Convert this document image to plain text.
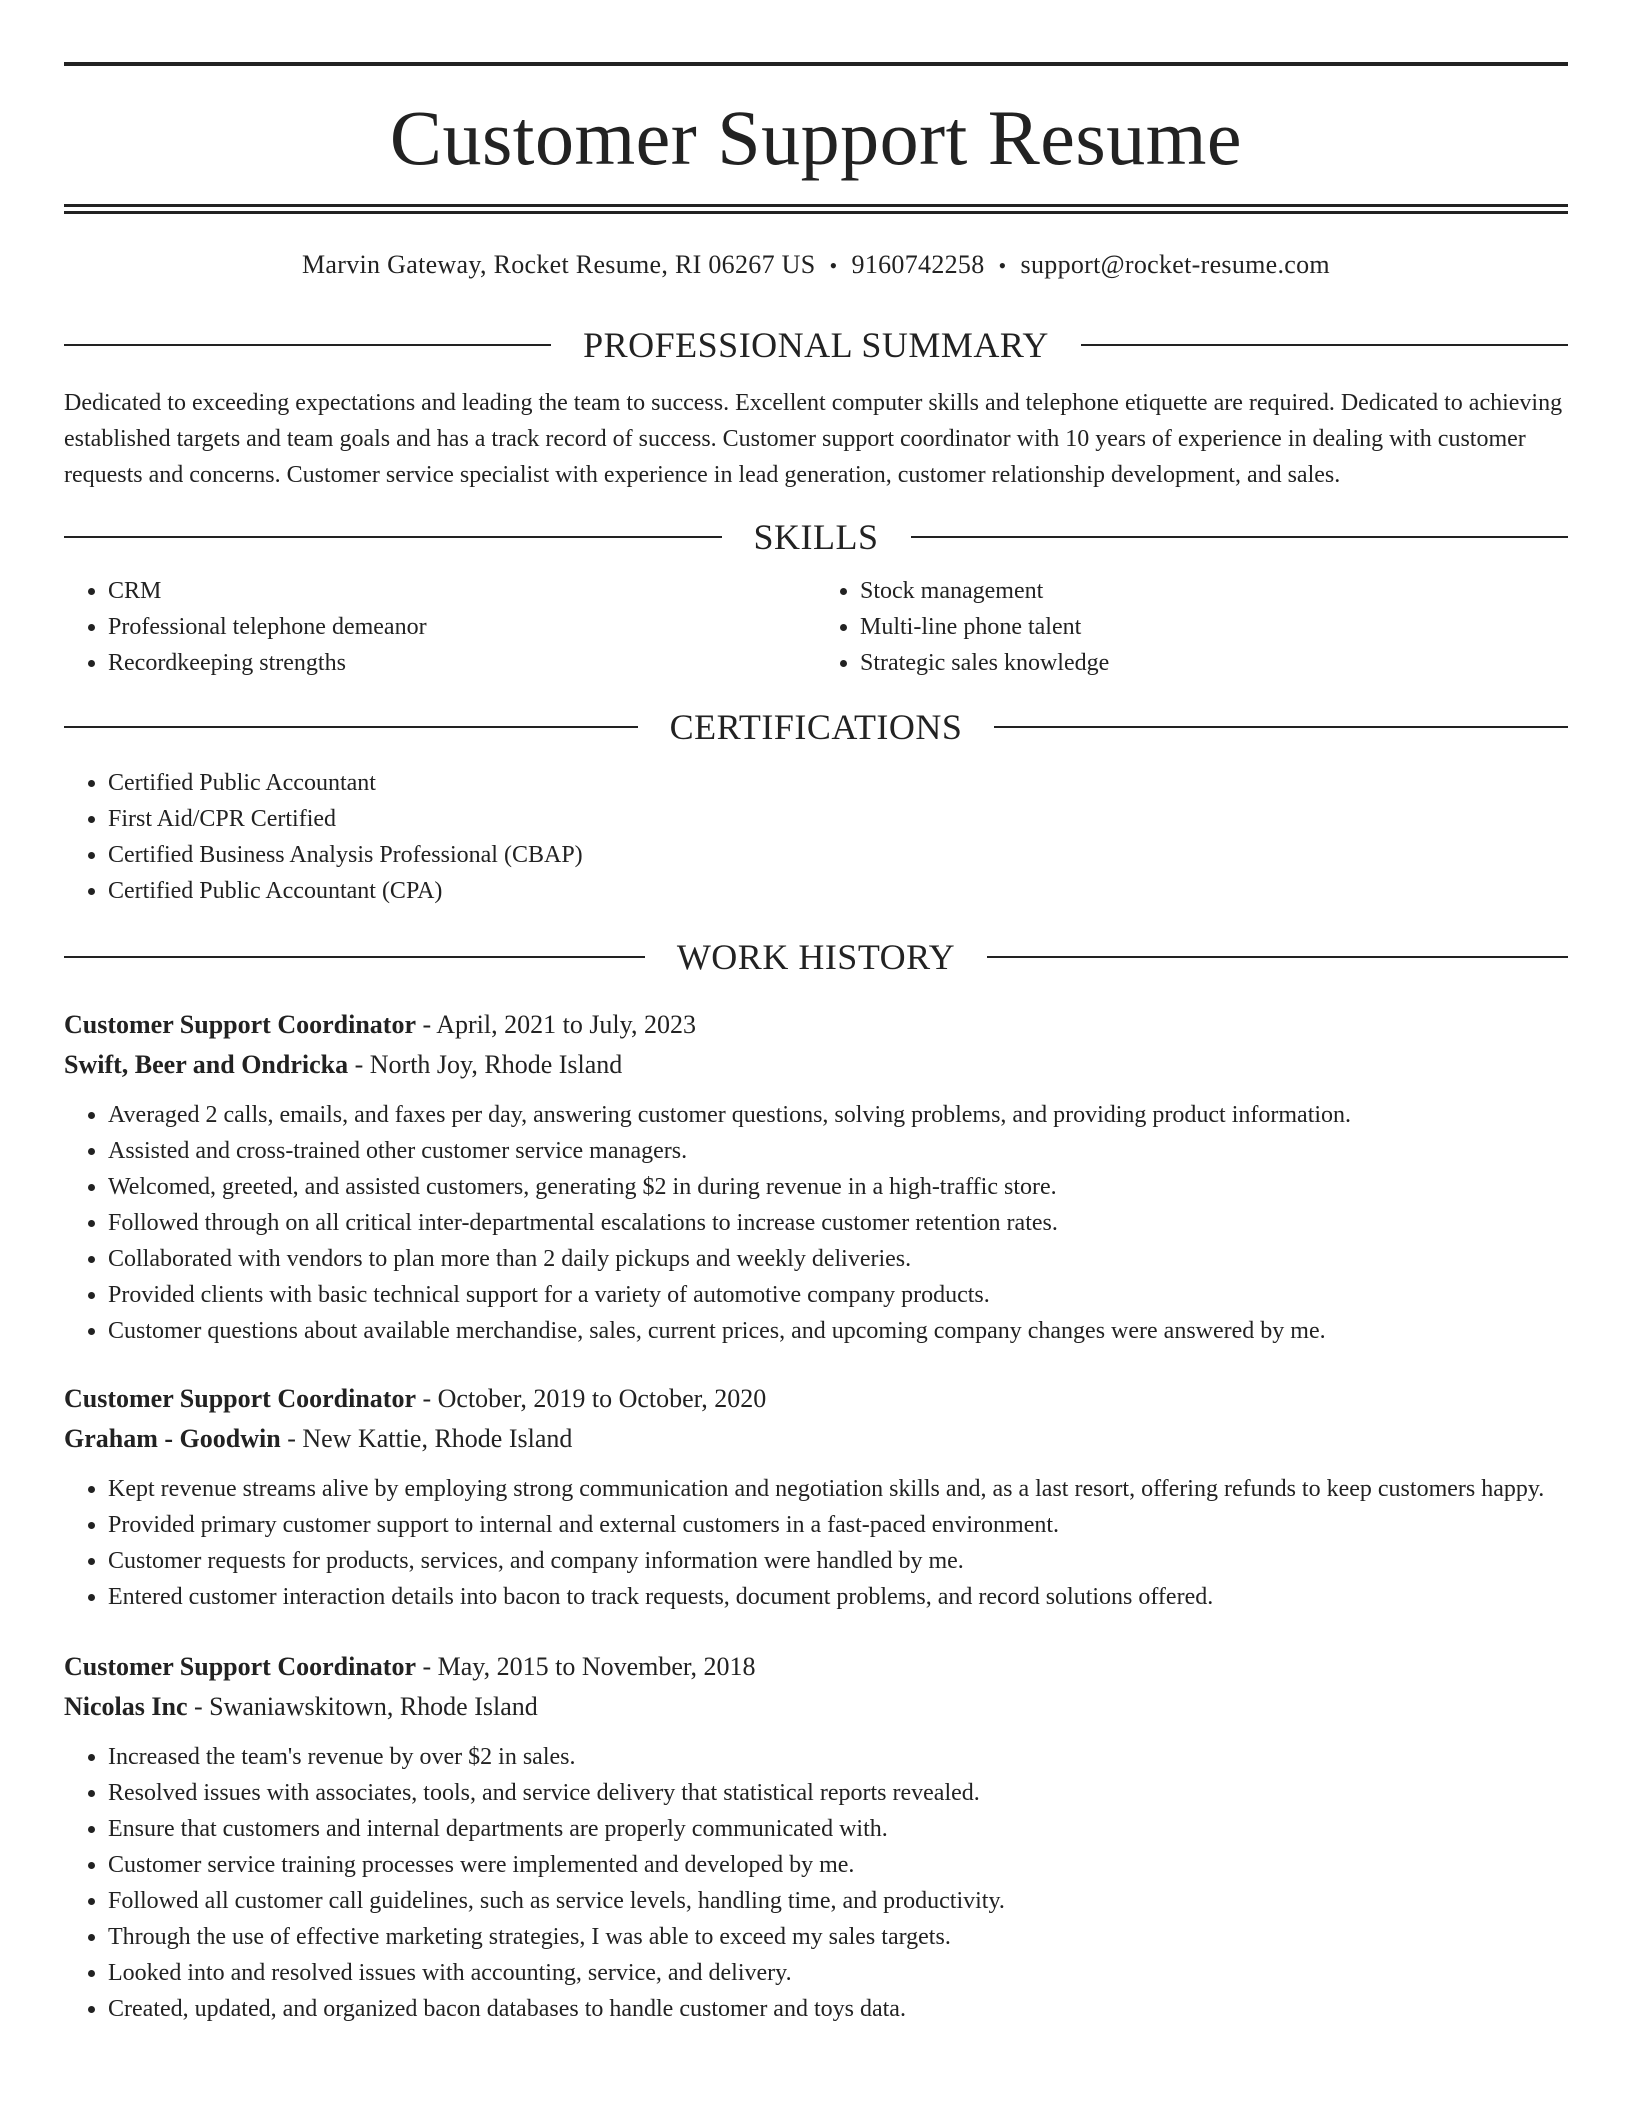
Customer Support Resume
Marvin Gateway, Rocket Resume, RI 06267 US • 9160742258 • support@rocket-resume.com
PROFESSIONAL SUMMARY

Dedicated to exceeding expectations and leading the team to success. Excellent computer skills and telephone etiquette are required. Dedicated to achieving established targets and team goals and has a track record of success. Customer support coordinator with 10 years of experience in dealing with customer requests and concerns. Customer service specialist with experience in lead generation, customer relationship development, and sales.

SKILLS
• CRM
• Professional telephone demeanor
• Recordkeeping strengths
• Stock management
• Multi-line phone talent
• Strategic sales knowledge
CERTIFICATIONS
• Certified Public Accountant
• First Aid/CPR Certified
• Certified Business Analysis Professional (CBAP)
• Certified Public Accountant (CPA)
WORK HISTORY
Customer Support Coordinator - April, 2021 to July, 2023
Swift, Beer and Ondricka - North Joy, Rhode Island
• Averaged 2 calls, emails, and faxes per day, answering customer questions, solving problems, and providing product information.
• Assisted and cross-trained other customer service managers.
• Welcomed, greeted, and assisted customers, generating $2 in during revenue in a high-traffic store.
• Followed through on all critical inter-departmental escalations to increase customer retention rates.
• Collaborated with vendors to plan more than 2 daily pickups and weekly deliveries.
• Provided clients with basic technical support for a variety of automotive company products.
• Customer questions about available merchandise, sales, current prices, and upcoming company changes were answered by me.
Customer Support Coordinator - October, 2019 to October, 2020
Graham - Goodwin - New Kattie, Rhode Island
• Kept revenue streams alive by employing strong communication and negotiation skills and, as a last resort, offering refunds to keep customers happy.
• Provided primary customer support to internal and external customers in a fast-paced environment.
• Customer requests for products, services, and company information were handled by me.
• Entered customer interaction details into bacon to track requests, document problems, and record solutions offered.
Customer Support Coordinator - May, 2015 to November, 2018
Nicolas Inc - Swaniawskitown, Rhode Island
• Increased the team's revenue by over $2 in sales.
• Resolved issues with associates, tools, and service delivery that statistical reports revealed.
• Ensure that customers and internal departments are properly communicated with.
• Customer service training processes were implemented and developed by me.
• Followed all customer call guidelines, such as service levels, handling time, and productivity.
• Through the use of effective marketing strategies, I was able to exceed my sales targets.
• Looked into and resolved issues with accounting, service, and delivery.
• Created, updated, and organized bacon databases to handle customer and toys data.
